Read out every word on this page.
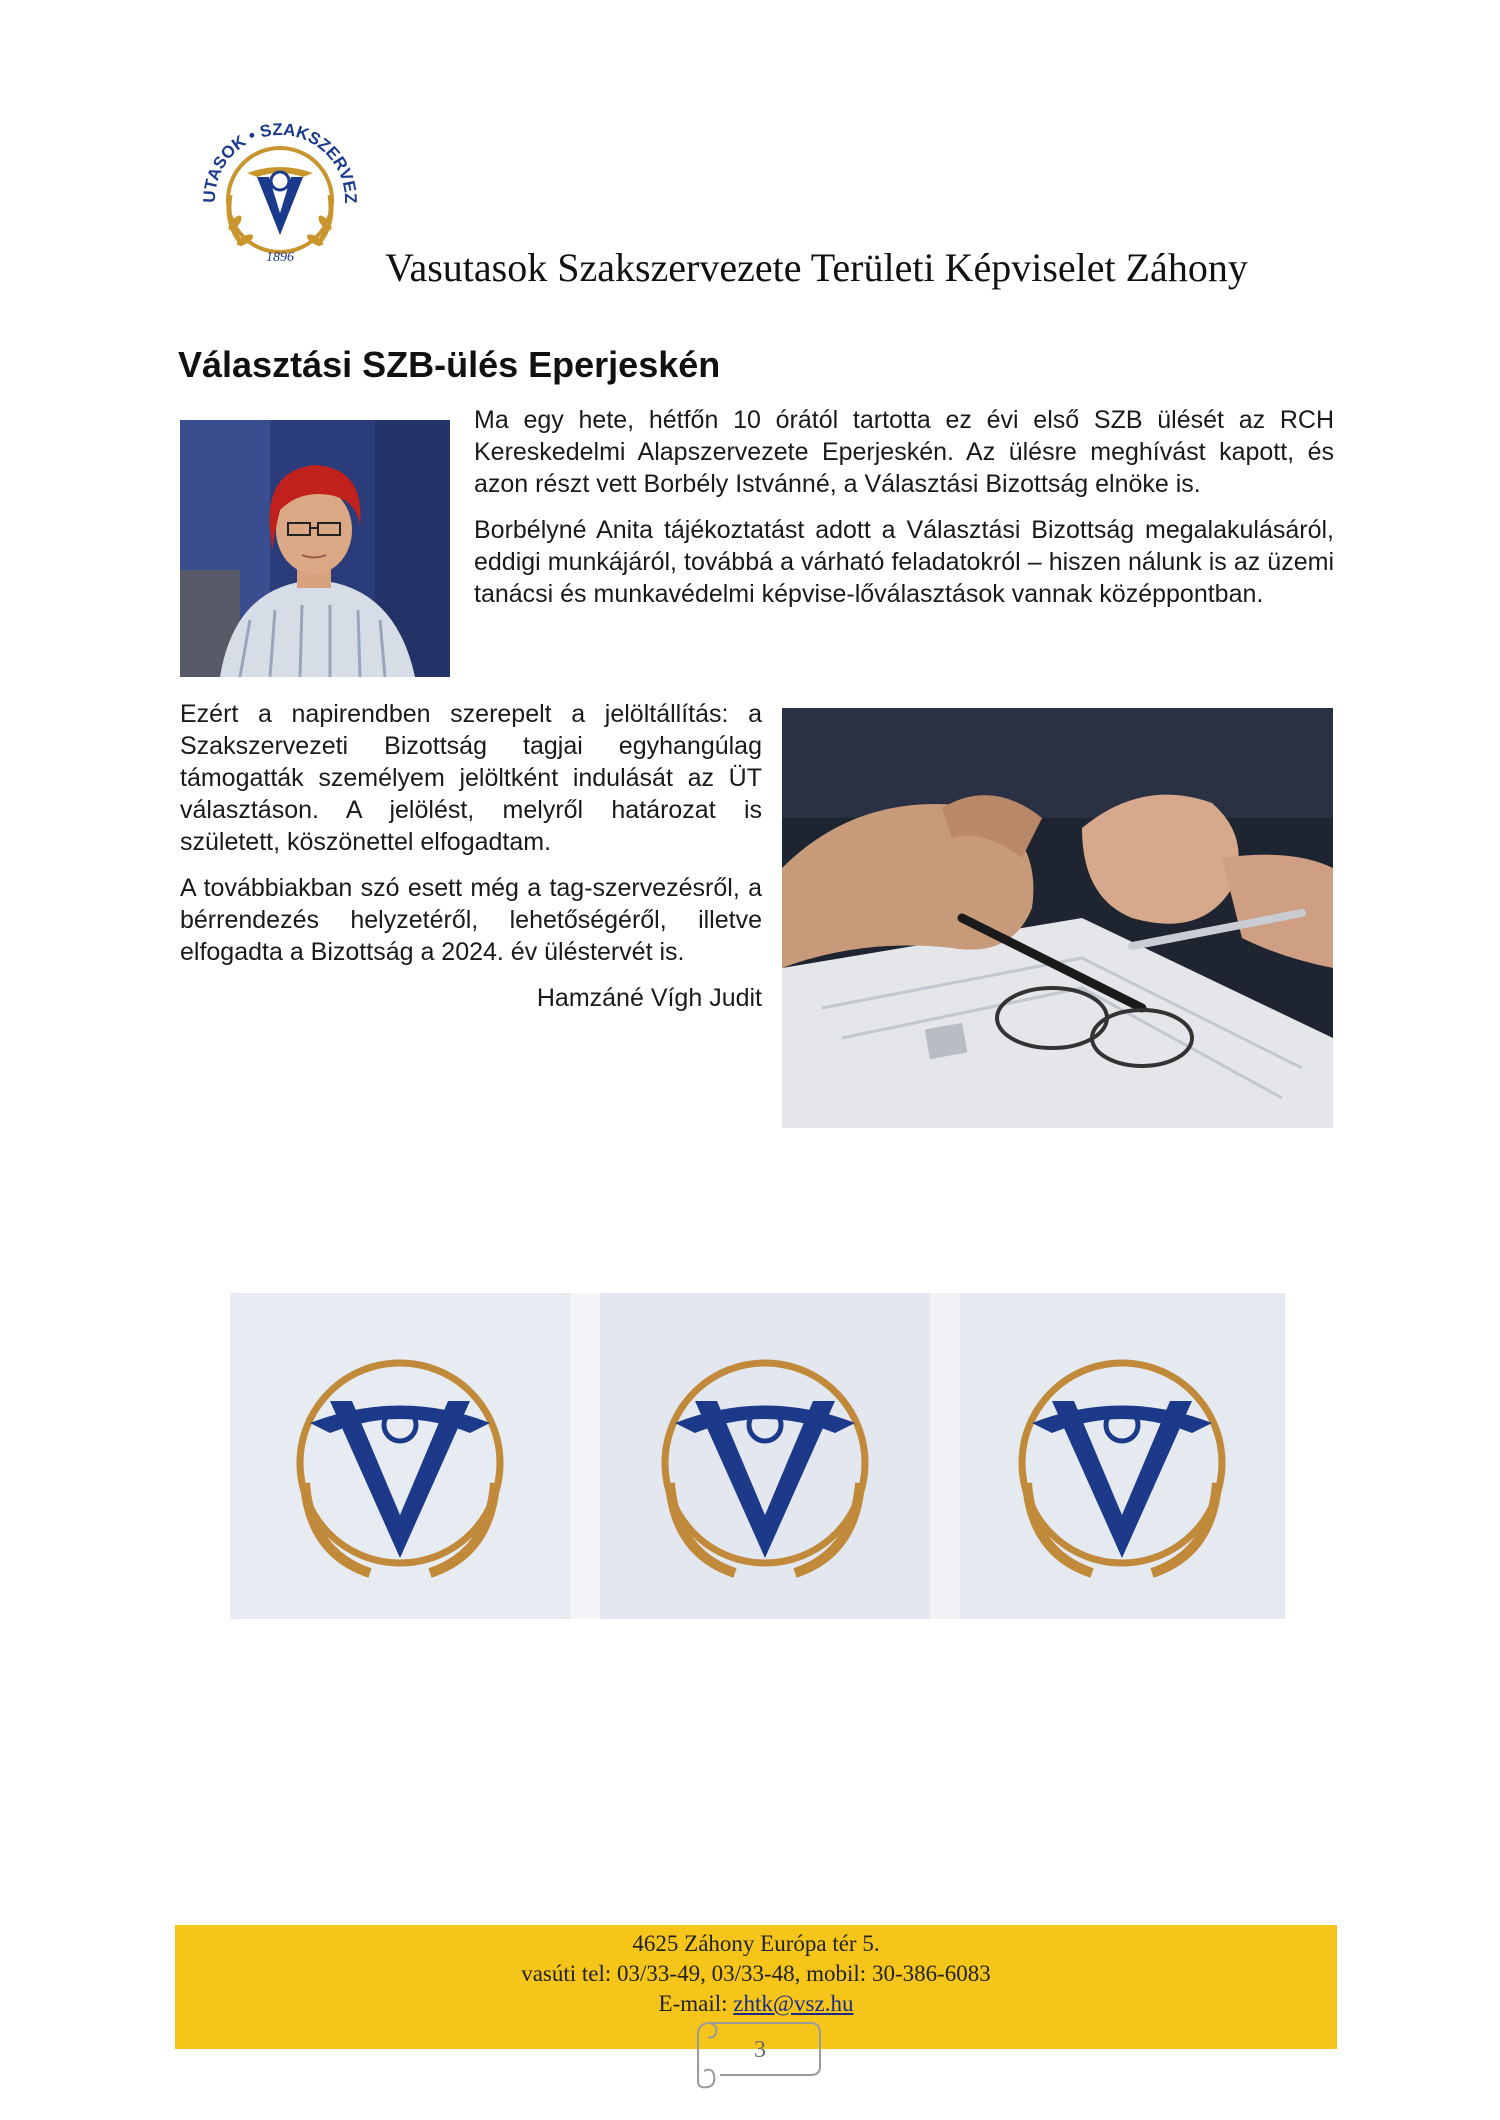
UTASOK • SZAKSZERVEZ
1896 Vasutasok Szakszervezete Területi Képviselet Záhony
Választási SZB-ülés Eperjeskén

Ma egy hete, hétfőn 10 órától tartotta ez évi első SZB ülését az RCH Kereskedelmi Alapszervezete Eperjeskén. Az ülésre meghívást kapott, és azon részt vett Borbély Istvánné, a Választási Bizottság elnöke is.

Borbélyné Anita tájékoztatást adott a Választási Bizottság megalakulásáról, eddigi munkájáról, továbbá a várható feladatokról – hiszen nálunk is az üzemi tanácsi és munkavédelmi képvise-lőválasztások vannak középpontban.

Ezért a napirendben szerepelt a jelöltállítás: a Szakszervezeti Bizottság tagjai egyhangúlag támogatták személyem jelöltként indulását az ÜT választáson. A jelölést, melyről határozat is született, köszönettel elfogadtam.

A továbbiakban szó esett még a tag-szervezésről, a bérrendezés helyzetéről, lehetőségéről, illetve elfogadta a Bizottság a 2024. év üléstervét is.

Hamzáné Vígh Judit
4625 Záhony Európa tér 5.
vasúti tel: 03/33-49, 03/33-48, mobil: 30-386-6083
E-mail: zhtk@vsz.hu
3
